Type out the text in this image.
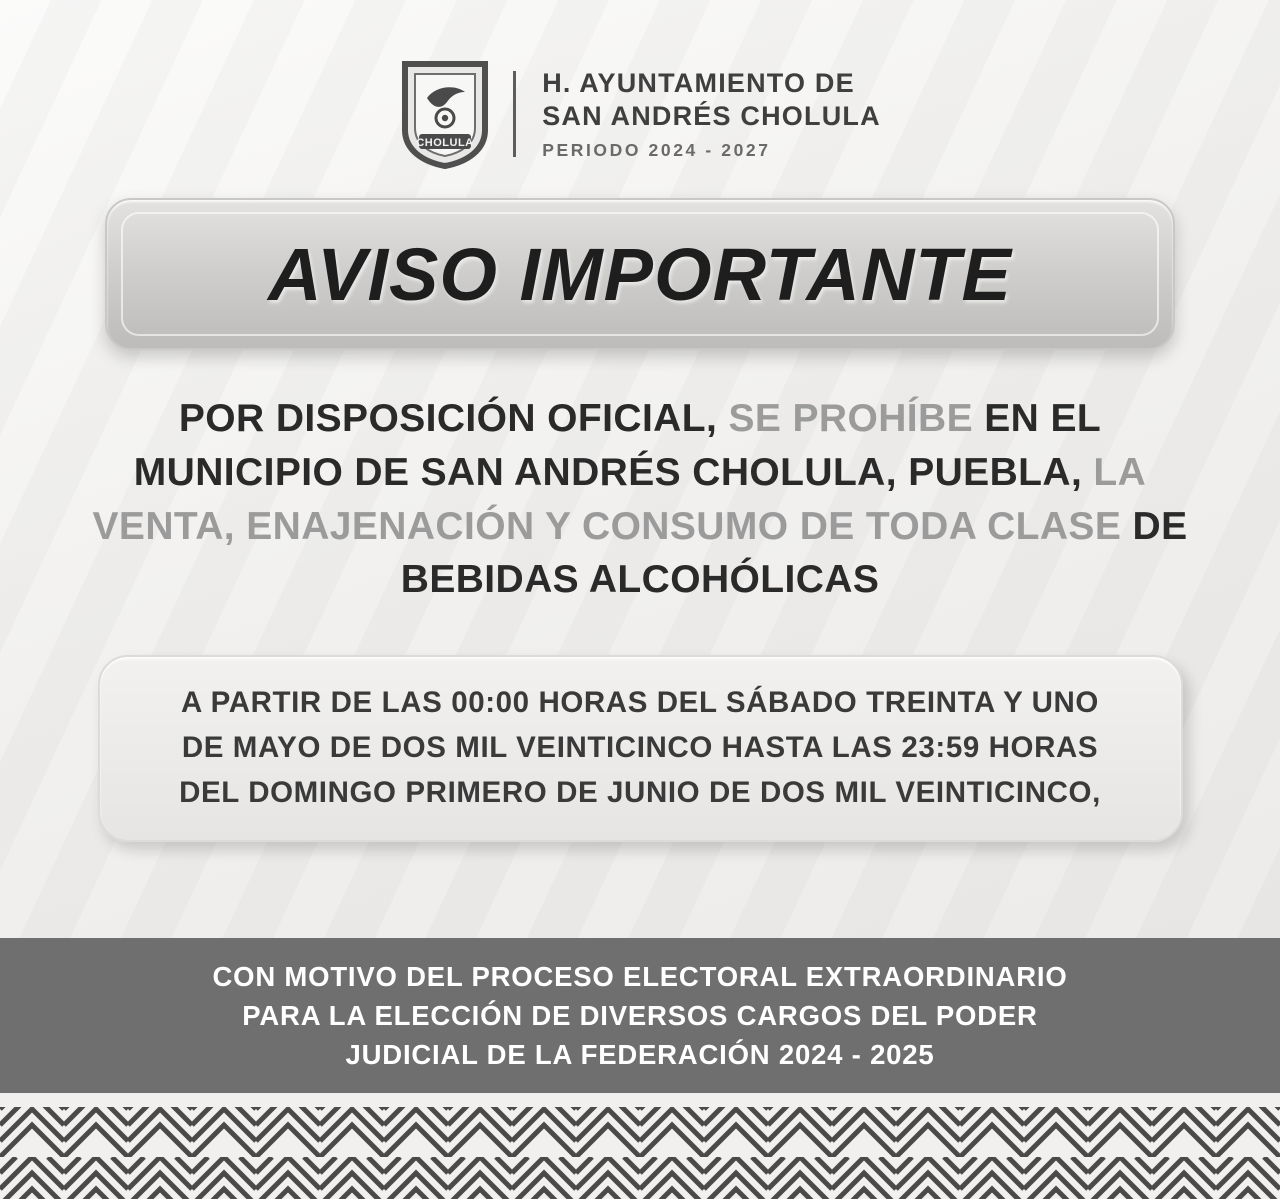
CHOLULA
H. AYUNTAMIENTO DE
SAN ANDRÉS CHOLULA
PERIODO 2024 - 2027
AVISO IMPORTANTE
POR DISPOSICIÓN OFICIAL, SE PROHÍBE EN EL MUNICIPIO DE SAN ANDRÉS CHOLULA, PUEBLA, LA VENTA, ENAJENACIÓN Y CONSUMO DE TODA CLASE DE BEBIDAS ALCOHÓLICAS
A PARTIR DE LAS 00:00 HORAS DEL SÁBADO TREINTA Y UNO
DE MAYO DE DOS MIL VEINTICINCO HASTA LAS 23:59 HORAS
DEL DOMINGO PRIMERO DE JUNIO DE DOS MIL VEINTICINCO,
CON MOTIVO DEL PROCESO ELECTORAL EXTRAORDINARIO
PARA LA ELECCIÓN DE DIVERSOS CARGOS DEL PODER
JUDICIAL DE LA FEDERACIÓN 2024 - 2025
